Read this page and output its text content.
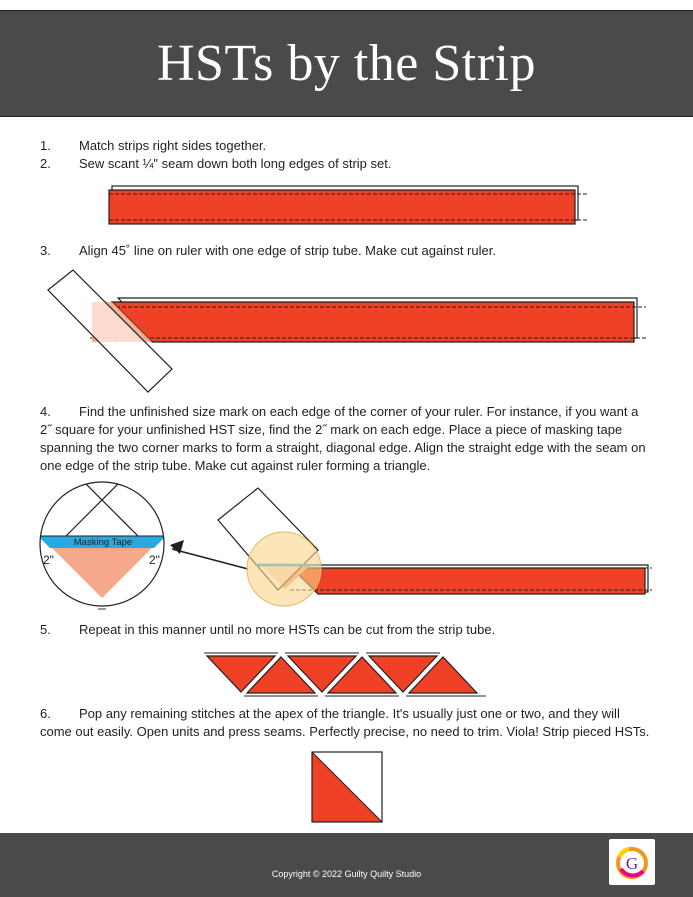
HSTs by the Strip
1. Match strips right sides together.
2. Sew scant ¼" seam down both long edges of strip set.
3. Align 45˚ line on ruler with one edge of strip tube. Make cut against ruler.
4.	Find the unfinished size mark on each edge of the corner of your ruler. For instance, if you want a 2˝ square for your unfinished HST size, find the 2˝ mark on each edge. Place a piece of masking tape spanning the two corner marks to form a straight, diagonal edge. Align the straight edge with the seam on one edge of the strip tube. Make cut against ruler forming a triangle.
Masking Tape
2"	2"
5. Repeat in this manner until no more HSTs can be cut from the strip tube.
6.	Pop any remaining stitches at the apex of the triangle. It's usually just one or two, and they will come out easily. Open units and press seams. Perfectly precise, no need to trim. Viola! Strip pieced HSTs.
Copyright © 2022 Guilty Quilty Studio
G
